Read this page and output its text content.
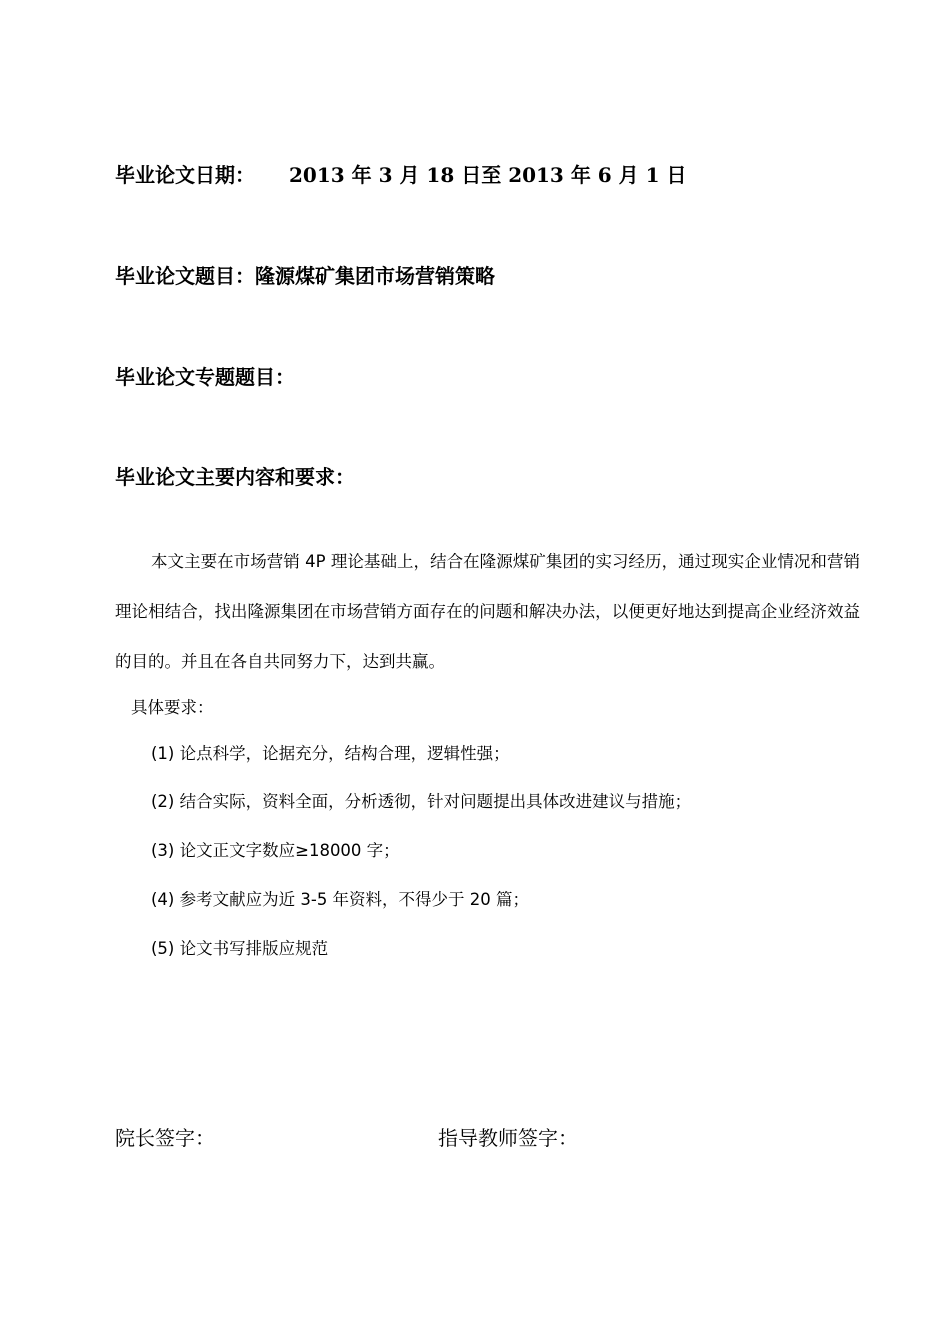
毕业论文日期： 2013 年 3 月 18 日至 2013 年 6 月 1 日
毕业论文题目：隆源煤矿集团市场营销策略
毕业论文专题题目：
毕业论文主要内容和要求：

本文主要在市场营销 4P 理论基础上，结合在隆源煤矿集团的实习经历，通过现实企业情况和营销理论相结合，找出隆源集团在市场营销方面存在的问题和解决办法，以便更好地达到提高企业经济效益的目的。并且在各自共同努力下，达到共赢。

具体要求：
(1) 论点科学，论据充分，结构合理，逻辑性强；
(2) 结合实际，资料全面，分析透彻，针对问题提出具体改进建议与措施；
(3) 论文正文字数应≥18000 字；
(4) 参考文献应为近 3-5 年资料，不得少于 20 篇；
(5) 论文书写排版应规范
院长签字：	指导教师签字：
